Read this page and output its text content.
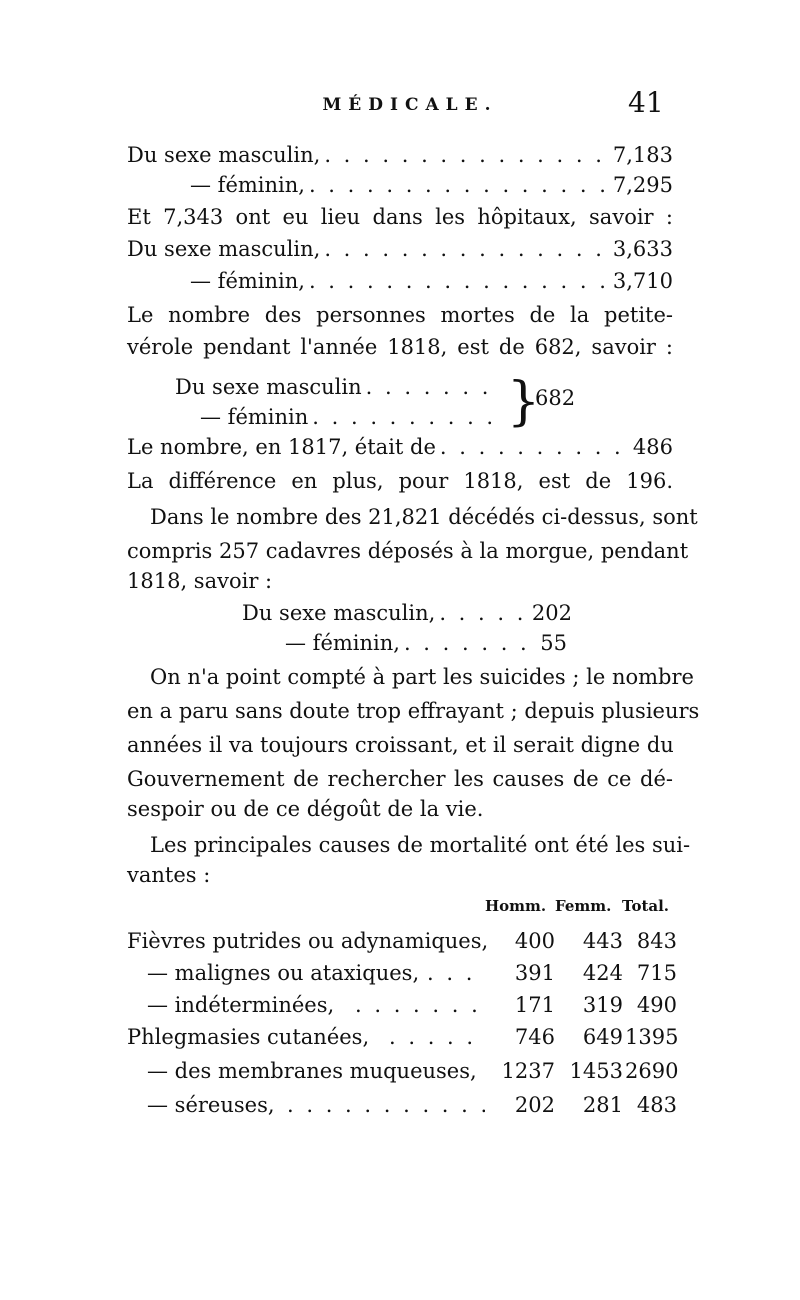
MÉDICALE.	41
Du sexe masculin, . . .	7,183
— féminin, . . .	7,295
Et 7,343 ont eu lieu dans les hôpitaux, savoir :
Du sexe masculin, . . .	3,633
— féminin, . . .	3,710
Le nombre des personnes mortes de la petite-
vérole pendant l'année 1818, est de 682, savoir :
Du sexe masculin
. . .
— féminin . . .	}
682
Le nombre, en 1817, était de . . .	486
La différence en plus, pour 1818, est de 196.
Dans le nombre des 21,821 décédés ci-dessus, sont
compris 257 cadavres déposés à la morgue, pendant
1818, savoir :
Du sexe masculin, . . .	202
— féminin, . . .	55
On n'a point compté à part les suicides ; le nombre
en a paru sans doute trop effrayant ; depuis plusieurs
années il va toujours croissant, et il serait digne du
Gouvernement de rechercher les causes de ce dé-
sespoir ou de ce dégoût de la vie.
Les principales causes de mortalité ont été les sui-
vantes :
Homm. Femm. Total.
Fièvres putrides ou adynamiques,	400	443 843
— malignes ou ataxiques, . . .	391	424 715
— indéterminées, . . .	171	319 490
Phlegmasies cutanées, . . .	746	649 1395
— des membranes muqueuses,	1237 1453 2690
— séreuses, . . .	202	281 483
